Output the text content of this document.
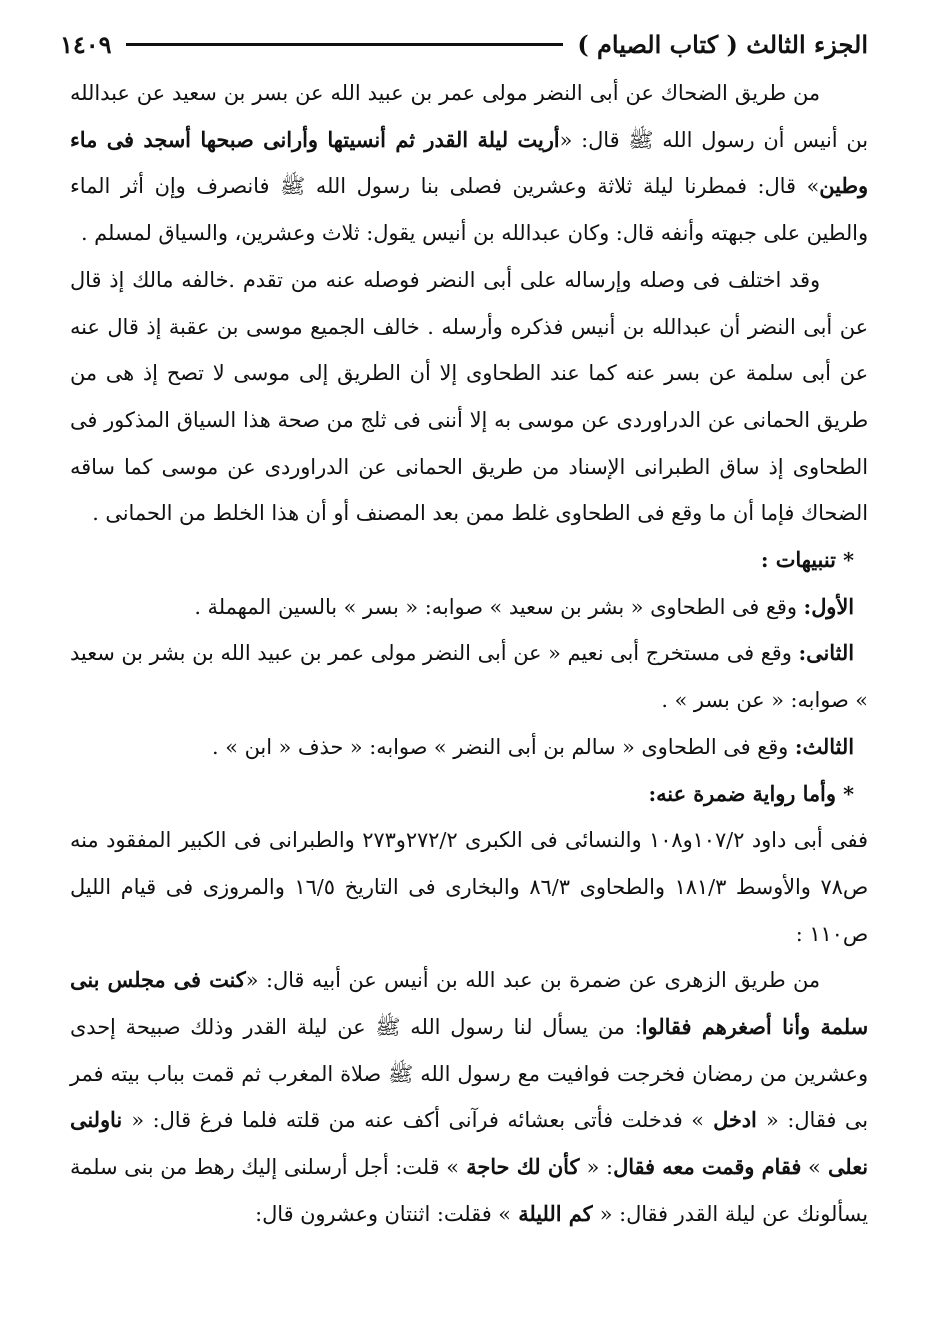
الجزء الثالث ( كتاب الصيام )
١٤٠٩

من طريق الضحاك عن أبى النضر مولى عمر بن عبيد الله عن بسر بن سعيد عن عبدالله بن أنيس أن رسول الله ﷺ قال: «أريت ليلة القدر ثم أنسيتها وأرانى صبحها أسجد فى ماء وطين» قال: فمطرنا ليلة ثلاثة وعشرين فصلى بنا رسول الله ﷺ فانصرف وإن أثر الماء والطين على جبهته وأنفه قال: وكان عبدالله بن أنيس يقول: ثلاث وعشرين، والسياق لمسلم .

وقد اختلف فى وصله وإرساله على أبى النضر فوصله عنه من تقدم .خالفه مالك إذ قال عن أبى النضر أن عبدالله بن أنيس فذكره وأرسله . خالف الجميع موسى بن عقبة إذ قال عنه عن أبى سلمة عن بسر عنه كما عند الطحاوى إلا أن الطريق إلى موسى لا تصح إذ هى من طريق الحمانى عن الدراوردى عن موسى به إلا أننى فى ثلج من صحة هذا السياق المذكور فى الطحاوى إذ ساق الطبرانى الإسناد من طريق الحمانى عن الدراوردى عن موسى كما ساقه الضحاك فإما أن ما وقع فى الطحاوى غلط ممن بعد المصنف أو أن هذا الخلط من الحمانى .

* تنبيهات :

الأول: وقع فى الطحاوى « بشر بن سعيد » صوابه: « بسر » بالسين المهملة .

الثانى: وقع فى مستخرج أبى نعيم « عن أبى النضر مولى عمر بن عبيد الله بن بشر بن سعيد » صوابه: « عن بسر » .

الثالث: وقع فى الطحاوى « سالم بن أبى النضر » صوابه: « حذف « ابن » .

* وأما رواية ضمرة عنه:

ففى أبى داود ١٠٧/٢و١٠٨ والنسائى فى الكبرى ٢٧٢/٢و٢٧٣ والطبرانى فى الكبير المفقود منه ص٧٨ والأوسط ١٨١/٣ والطحاوى ٨٦/٣ والبخارى فى التاريخ ١٦/٥ والمروزى فى قيام الليل ص١١٠ :

من طريق الزهرى عن ضمرة بن عبد الله بن أنيس عن أبيه قال: «كنت فى مجلس بنى سلمة وأنا أصغرهم فقالوا: من يسأل لنا رسول الله ﷺ عن ليلة القدر وذلك صبيحة إحدى وعشرين من رمضان فخرجت فوافيت مع رسول الله ﷺ صلاة المغرب ثم قمت بباب بيته فمر بى فقال: « ادخل » فدخلت فأتى بعشائه فرآنى أكف عنه من قلته فلما فرغ قال: « ناولنى نعلى » فقام وقمت معه فقال: « كأن لك حاجة » قلت: أجل أرسلنى إليك رهط من بنى سلمة يسألونك عن ليلة القدر فقال: « كم الليلة » فقلت: اثنتان وعشرون قال:
